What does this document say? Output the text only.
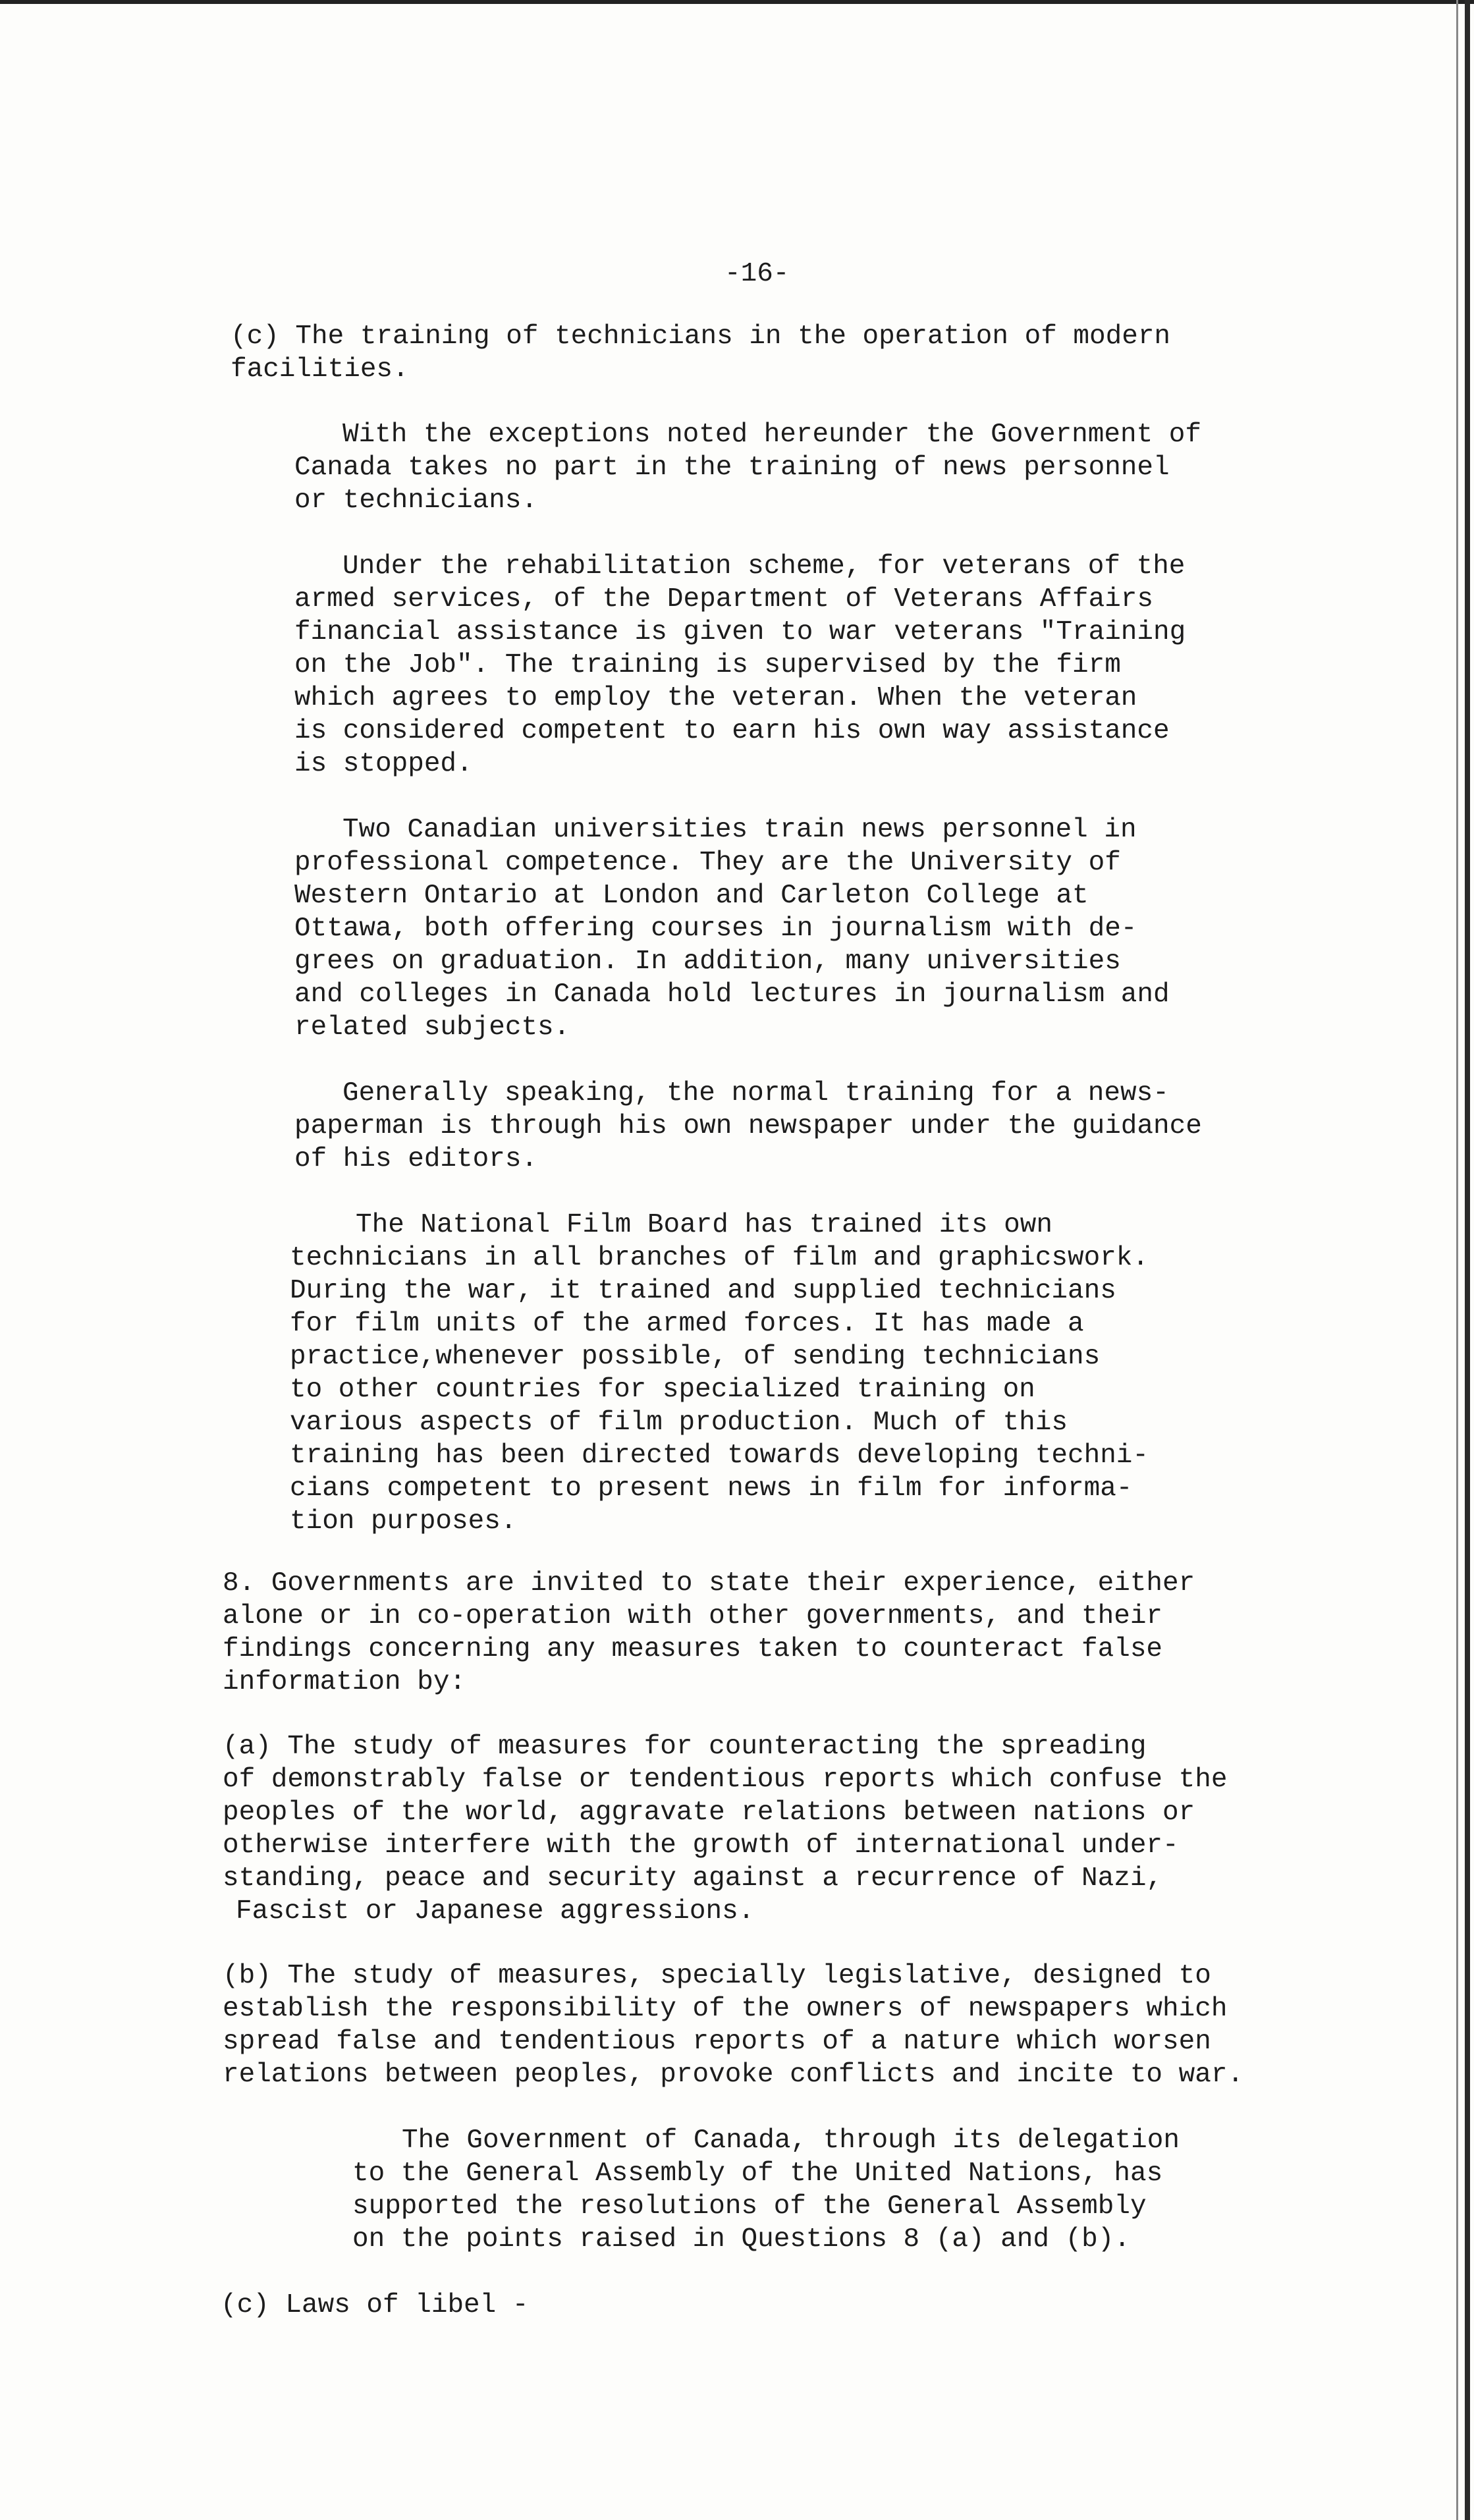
-16-

(c) The training of technicians in the operation of modern

facilities.

With the exceptions noted hereunder the Government of

Canada takes no part in the training of news personnel

or technicians.

Under the rehabilitation scheme, for veterans of the

armed services, of the Department of Veterans Affairs

financial assistance is given to war veterans "Training

on the Job". The training is supervised by the firm

which agrees to employ the veteran. When the veteran

is considered competent to earn his own way assistance

is stopped.

Two Canadian universities train news personnel in

professional competence. They are the University of

Western Ontario at London and Carleton College at

Ottawa, both offering courses in journalism with de-

grees on graduation. In addition, many universities

and colleges in Canada hold lectures in journalism and

related subjects.

Generally speaking, the normal training for a news-

paperman is through his own newspaper under the guidance

of his editors.

The National Film Board has trained its own

technicians in all branches of film and graphicswork.

During the war, it trained and supplied technicians

for film units of the armed forces. It has made a

practice,whenever possible, of sending technicians

to other countries for specialized training on

various aspects of film production. Much of this

training has been directed towards developing techni-

cians competent to present news in film for informa-

tion purposes.

8. Governments are invited to state their experience, either

alone or in co-operation with other governments, and their

findings concerning any measures taken to counteract false

information by:

(a) The study of measures for counteracting the spreading

of demonstrably false or tendentious reports which confuse the

peoples of the world, aggravate relations between nations or

otherwise interfere with the growth of international under-

standing, peace and security against a recurrence of Nazi,

Fascist or Japanese aggressions.

(b) The study of measures, specially legislative, designed to

establish the responsibility of the owners of newspapers which

spread false and tendentious reports of a nature which worsen

relations between peoples, provoke conflicts and incite to war.

The Government of Canada, through its delegation

to the General Assembly of the United Nations, has

supported the resolutions of the General Assembly

on the points raised in Questions 8 (a) and (b).

(c) Laws of libel -
